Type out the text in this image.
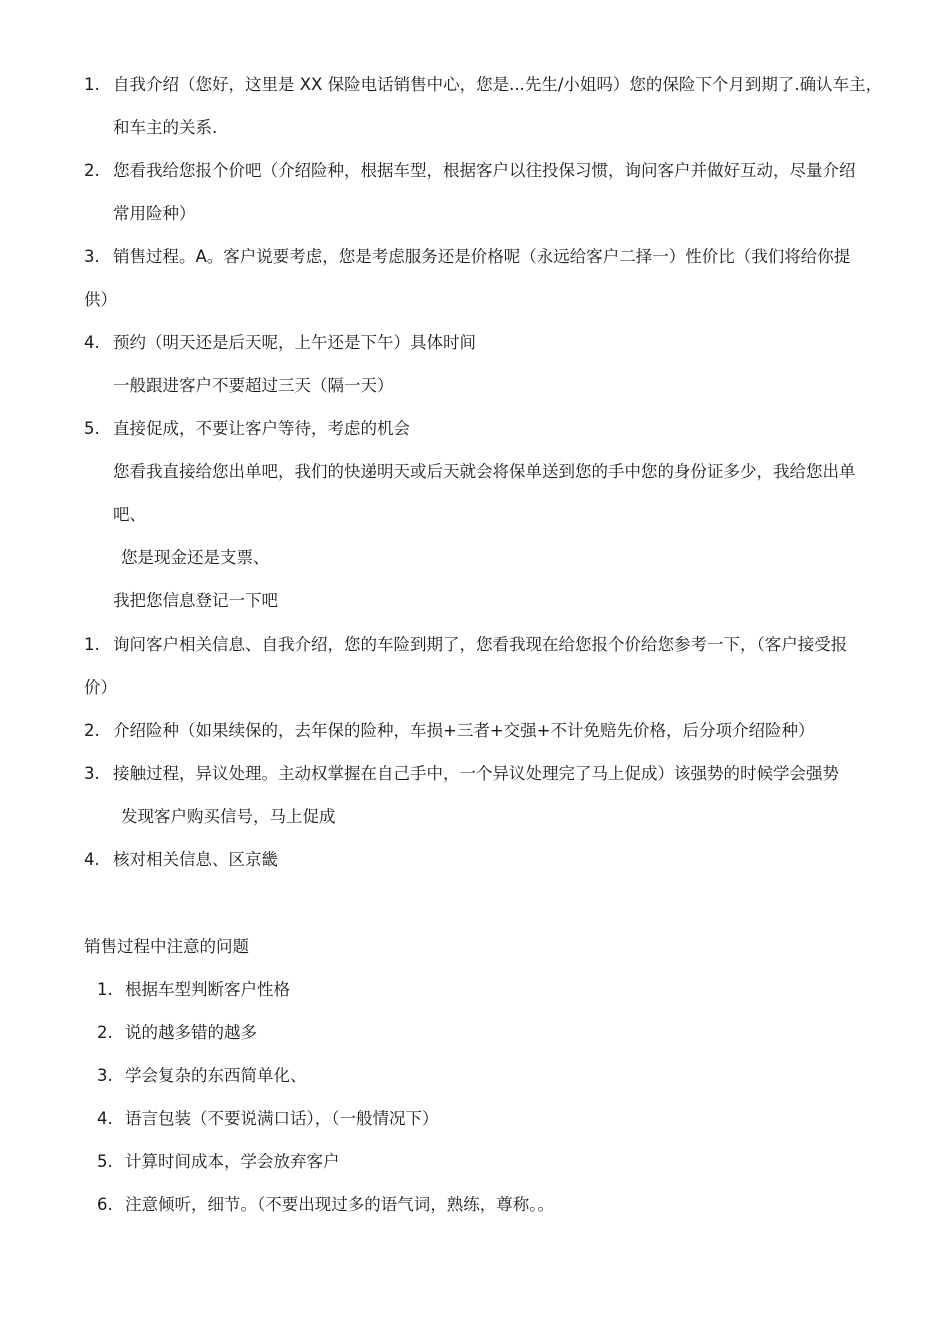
1. 自我介绍（您好，这里是 XX 保险电话销售中心，您是...先生/小姐吗）您的保险下个月到期了.确认车主，
和车主的关系.
2. 您看我给您报个价吧（介绍险种，根据车型，根据客户以往投保习惯，询问客户并做好互动，尽量介绍
常用险种）
3. 销售过程。A。客户说要考虑，您是考虑服务还是价格呢（永远给客户二择一）性价比（我们将给你提
供）
4. 预约（明天还是后天呢，上午还是下午）具体时间
一般跟进客户不要超过三天（隔一天）
5. 直接促成，不要让客户等待，考虑的机会
您看我直接给您出单吧，我们的快递明天或后天就会将保单送到您的手中您的身份证多少，我给您出单
吧、
您是现金还是支票、
我把您信息登记一下吧
1. 询问客户相关信息、自我介绍，您的车险到期了，您看我现在给您报个价给您参考一下，（客户接受报
价）
2. 介绍险种（如果续保的，去年保的险种，车损+三者+交强+不计免赔先价格，后分项介绍险种）
3. 接触过程，异议处理。主动权掌握在自己手中，一个异议处理完了马上促成）该强势的时候学会强势
发现客户购买信号，马上促成
4. 核对相关信息、区京畿
销售过程中注意的问题
1. 根据车型判断客户性格
2. 说的越多错的越多
3. 学会复杂的东西简单化、
4. 语言包装（不要说满口话），（一般情况下）
5. 计算时间成本，学会放弃客户
6. 注意倾听，细节。（不要出现过多的语气词，熟练，尊称。。
